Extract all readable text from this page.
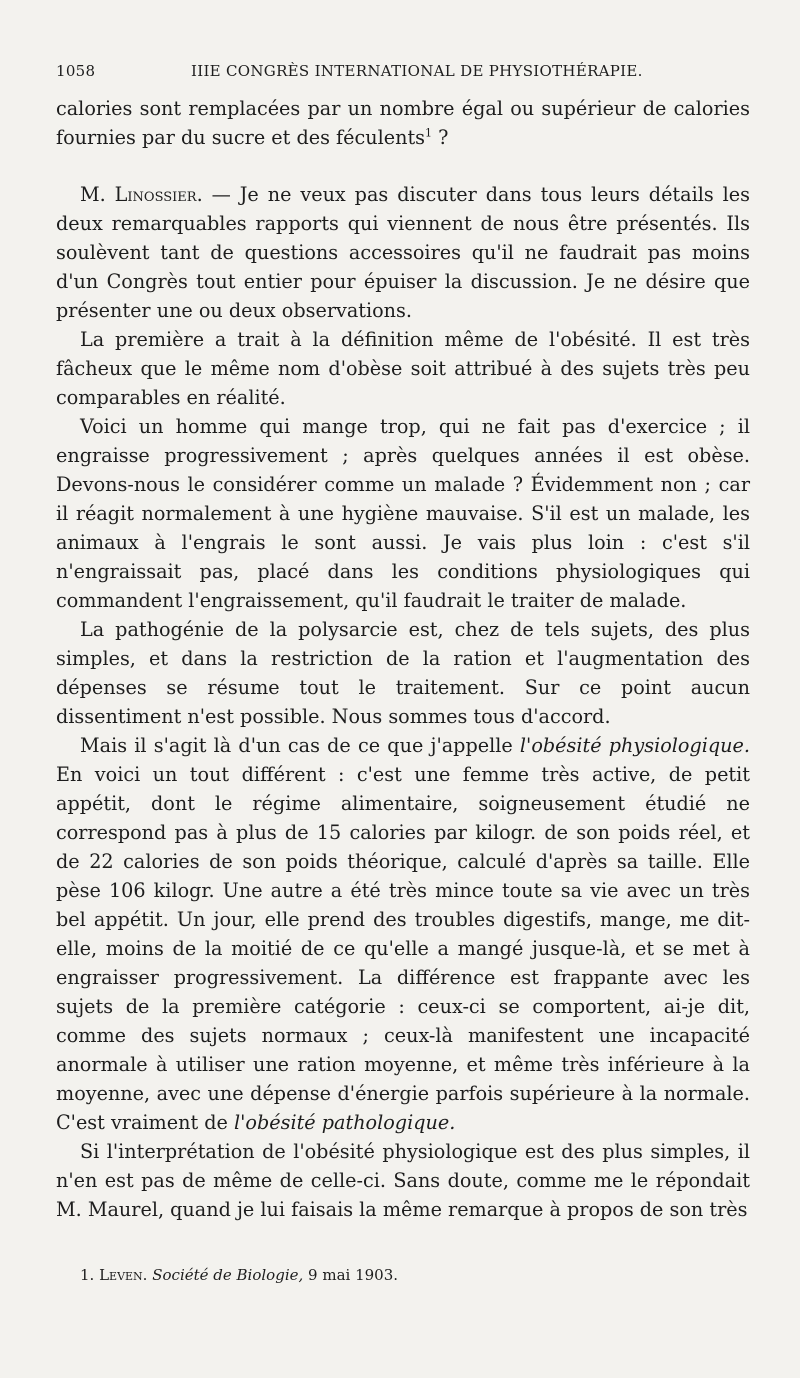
1058	IIIE CONGRÈS INTERNATIONAL DE PHYSIOTHÉRAPIE.

calories sont remplacées par un nombre égal ou supérieur de calories fournies par du sucre et des féculents$^1$ ?

M. Linossier. — Je ne veux pas discuter dans tous leurs détails les deux remarquables rapports qui viennent de nous être présentés. Ils soulèvent tant de questions accessoires qu'il ne faudrait pas moins d'un Congrès tout entier pour épuiser la discussion. Je ne désire que présenter une ou deux observations.

La première a trait à la définition même de l'obésité. Il est très fâcheux que le même nom d'obèse soit attribué à des sujets très peu comparables en réalité.

Voici un homme qui mange trop, qui ne fait pas d'exercice ; il engraisse progressivement ; après quelques années il est obèse. Devons-nous le considérer comme un malade ? Évidemment non ; car il réagit normalement à une hygiène mauvaise. S'il est un malade, les animaux à l'engrais le sont aussi. Je vais plus loin : c'est s'il n'engraissait pas, placé dans les conditions physiologiques qui commandent l'engraissement, qu'il faudrait le traiter de malade.

La pathogénie de la polysarcie est, chez de tels sujets, des plus simples, et dans la restriction de la ration et l'augmentation des dépenses se résume tout le traitement. Sur ce point aucun dissentiment n'est possible. Nous sommes tous d'accord.

Mais il s'agit là d'un cas de ce que j'appelle l'obésité physiologique. En voici un tout différent : c'est une femme très active, de petit appétit, dont le régime alimentaire, soigneusement étudié ne correspond pas à plus de 15 calories par kilogr. de son poids réel, et de 22 calories de son poids théorique, calculé d'après sa taille. Elle pèse 106 kilogr. Une autre a été très mince toute sa vie avec un très bel appétit. Un jour, elle prend des troubles digestifs, mange, me dit-elle, moins de la moitié de ce qu'elle a mangé jusque-là, et se met à engraisser progressivement. La différence est frappante avec les sujets de la première catégorie : ceux-ci se comportent, ai-je dit, comme des sujets normaux ; ceux-là manifestent une incapacité anormale à utiliser une ration moyenne, et même très inférieure à la moyenne, avec une dépense d'énergie parfois supérieure à la normale. C'est vraiment de l'obésité pathologique.

Si l'interprétation de l'obésité physiologique est des plus simples, il n'en est pas de même de celle-ci. Sans doute, comme me le répondait M. Maurel, quand je lui faisais la même remarque à propos de son très

1. Leven. Société de Biologie, 9 mai 1903.
